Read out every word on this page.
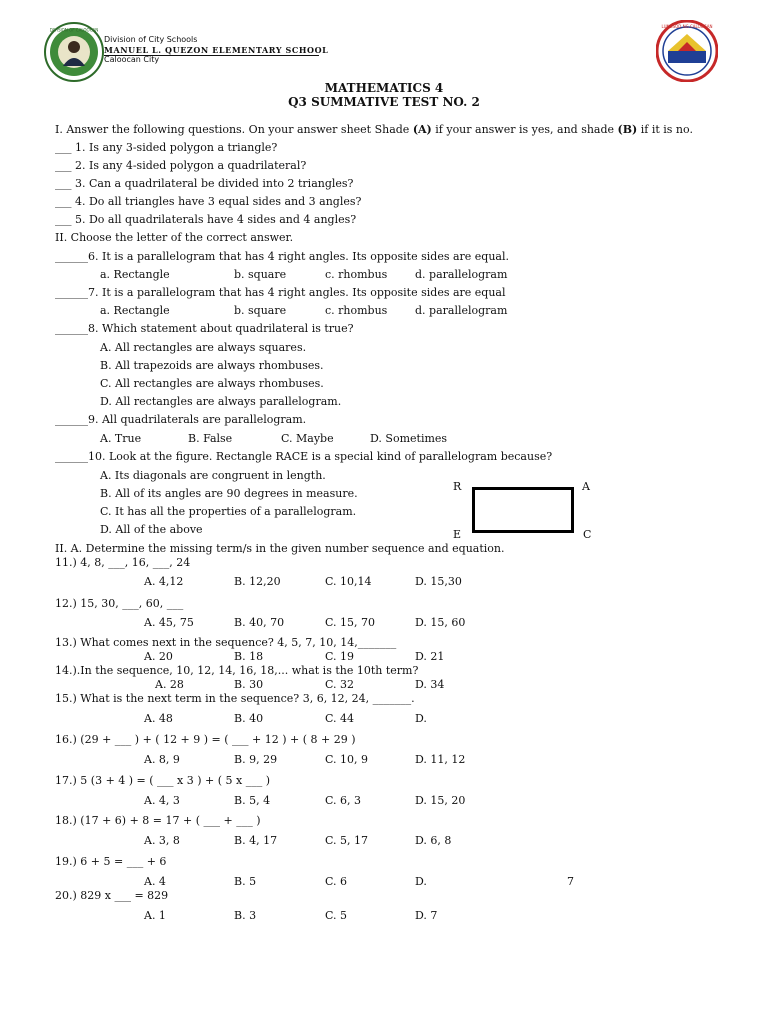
DIVISION OF CALOOCAN
Division of City Schools
MANUEL L. QUEZON ELEMENTARY SCHOOL
Caloocan City
LUNGSOD NG CALOOCAN
MATHEMATICS 4
Q3 SUMMATIVE TEST NO. 2
I. Answer the following questions. On your answer sheet Shade (A) if your answer is yes, and shade (B) if it is no.
___ 1. Is any 3-sided polygon a triangle?
___ 2. Is any 4-sided polygon a quadrilateral?
___ 3. Can a quadrilateral be divided into 2 triangles?
___ 4. Do all triangles have 3 equal sides and 3 angles?
___ 5. Do all quadrilaterals have 4 sides and 4 angles?
II. Choose the letter of the correct answer.
______6. It is a parallelogram that has 4 right angles. Its opposite sides are equal.
a. Rectangle	b. square	c. rhombus	d. parallelogram
______7. It is a parallelogram that has 4 right angles. Its opposite sides are equal
a. Rectangle	b. square	c. rhombus	d. parallelogram
______8. Which statement about quadrilateral is true?
A. All rectangles are always squares.
B. All trapezoids are always rhombuses.
C. All rectangles are always rhombuses.
D. All rectangles are always parallelogram.
______9. All quadrilaterals are parallelogram.
A. True	B. False	C. Maybe	D. Sometimes
______10. Look at the figure. Rectangle RACE is a special kind of parallelogram because?
A. Its diagonals are congruent in length.
B. All of its angles are 90 degrees in measure.
C. It has all the properties of a parallelogram.
D. All of the above
R	A
E	C
II. A. Determine the missing term/s in the given number sequence and equation.
11.) 4, 8, ___, 16, ___, 24
A. 4,12	B. 12,20	C. 10,14	D. 15,30
12.) 15, 30, ___, 60, ___
A. 45, 75	B. 40, 70	C. 15, 70	D. 15, 60
13.) What comes next in the sequence? 4, 5, 7, 10, 14,_______
A. 20	B. 18	C. 19	D. 21
14.).In the sequence, 10, 12, 14, 16, 18,... what is the 10th term?
A. 28	B. 30	C. 32	D. 34
15.) What is the next term in the sequence? 3, 6, 12, 24, _______.
A. 48	B. 40	C. 44	D.
16.) (29 + ___ ) + ( 12 + 9 ) = ( ___ + 12 ) + ( 8 + 29 )
A. 8, 9	B. 9, 29	C. 10, 9	D. 11, 12
17.) 5 (3 + 4 ) = ( ___ x 3 ) + ( 5 x ___ )
A. 4, 3	B. 5, 4	C. 6, 3	D. 15, 20
18.) (17 + 6) + 8 = 17 + ( ___ + ___ )
A. 3, 8	B. 4, 17	C. 5, 17	D. 6, 8
19.) 6 + 5 = ___ + 6
A. 4	B. 5	C. 6	D.	7
20.) 829 x ___ = 829
A. 1	B. 3	C. 5	D. 7
